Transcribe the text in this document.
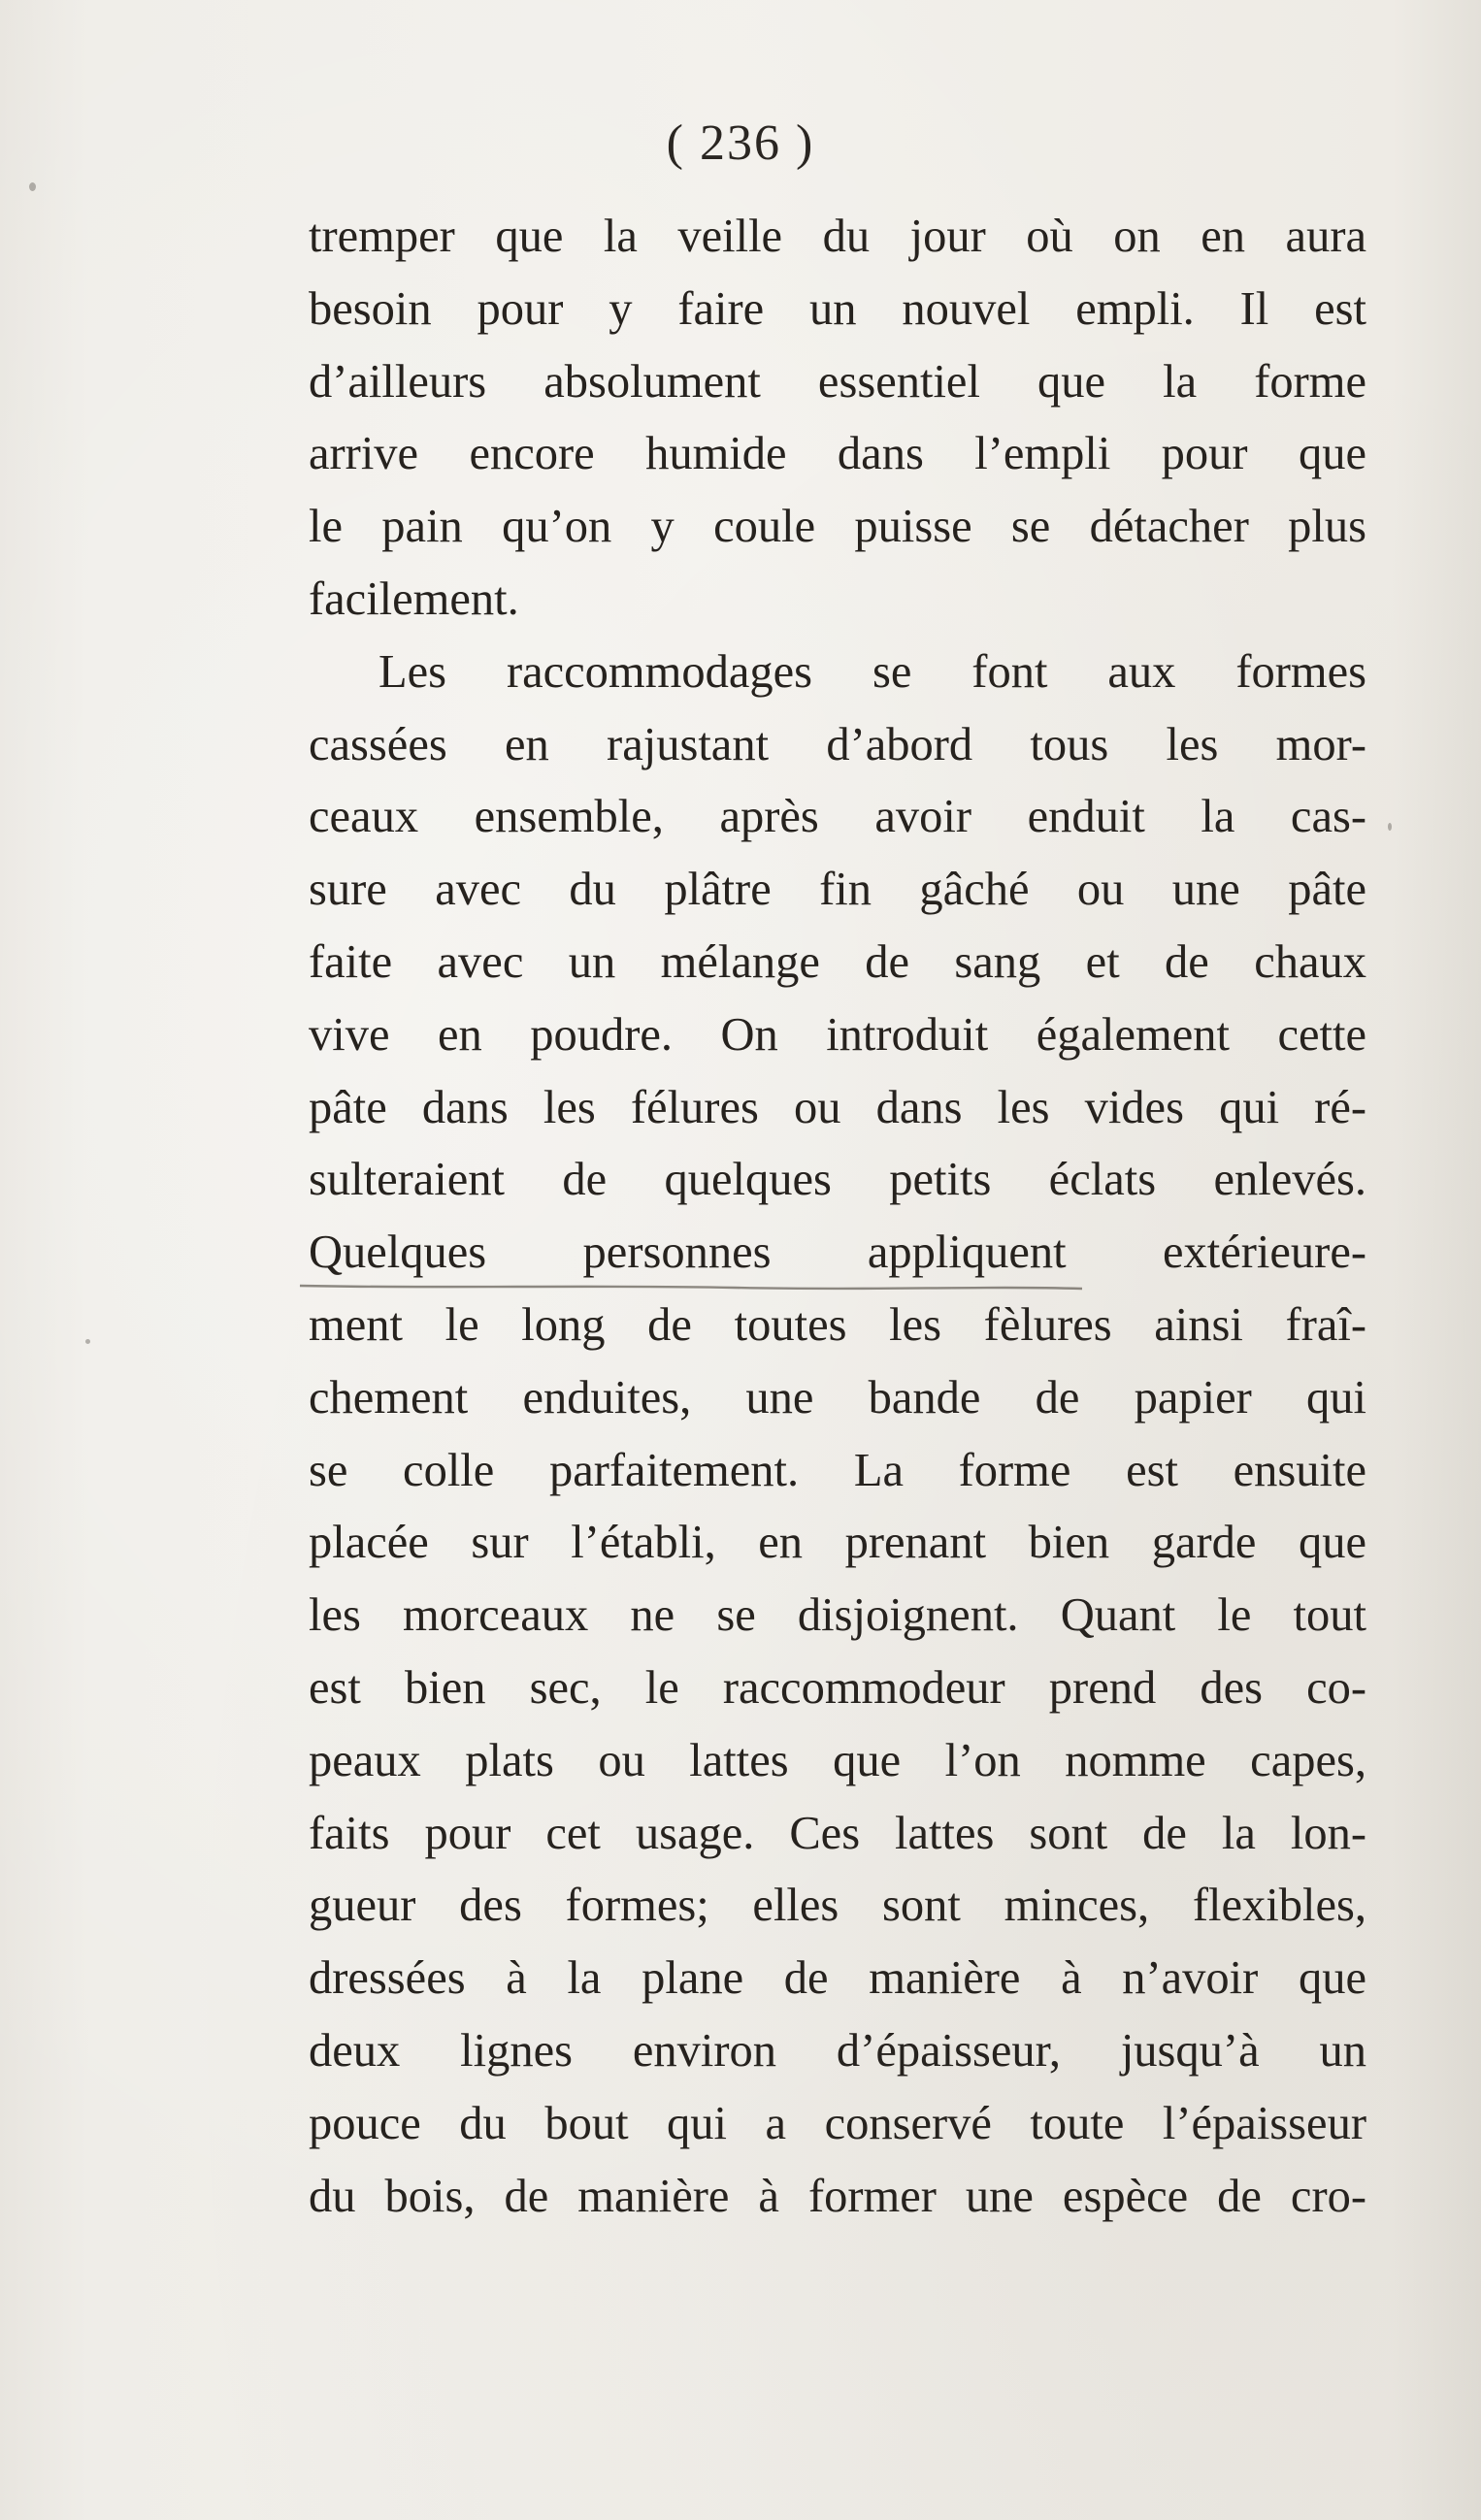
( 236 )
tremper que la veille du jour où on en aura
besoin pour y faire un nouvel empli. Il est
d’ailleurs absolument essentiel que la forme
arrive encore humide dans l’empli pour que
le pain qu’on y coule puisse se détacher plus
facilement.
Les raccommodages se font aux formes
cassées en rajustant d’abord tous les mor-
ceaux ensemble, après avoir enduit la cas-
sure avec du plâtre fin gâché ou une pâte
faite avec un mélange de sang et de chaux
vive en poudre. On introduit également cette
pâte dans les félures ou dans les vides qui ré-
sulteraient de quelques petits éclats enlevés.
Quelques personnes appliquent extérieure-
ment le long de toutes les fèlures ainsi fraî-
chement enduites, une bande de papier qui
se colle parfaitement. La forme est ensuite
placée sur l’établi, en prenant bien garde que
les morceaux ne se disjoignent. Quant le tout
est bien sec, le raccommodeur prend des co-
peaux plats ou lattes que l’on nomme capes,
faits pour cet usage. Ces lattes sont de la lon-
gueur des formes; elles sont minces, flexibles,
dressées à la plane de manière à n’avoir que
deux lignes environ d’épaisseur, jusqu’à un
pouce du bout qui a conservé toute l’épaisseur
du bois, de manière à former une espèce de cro-
